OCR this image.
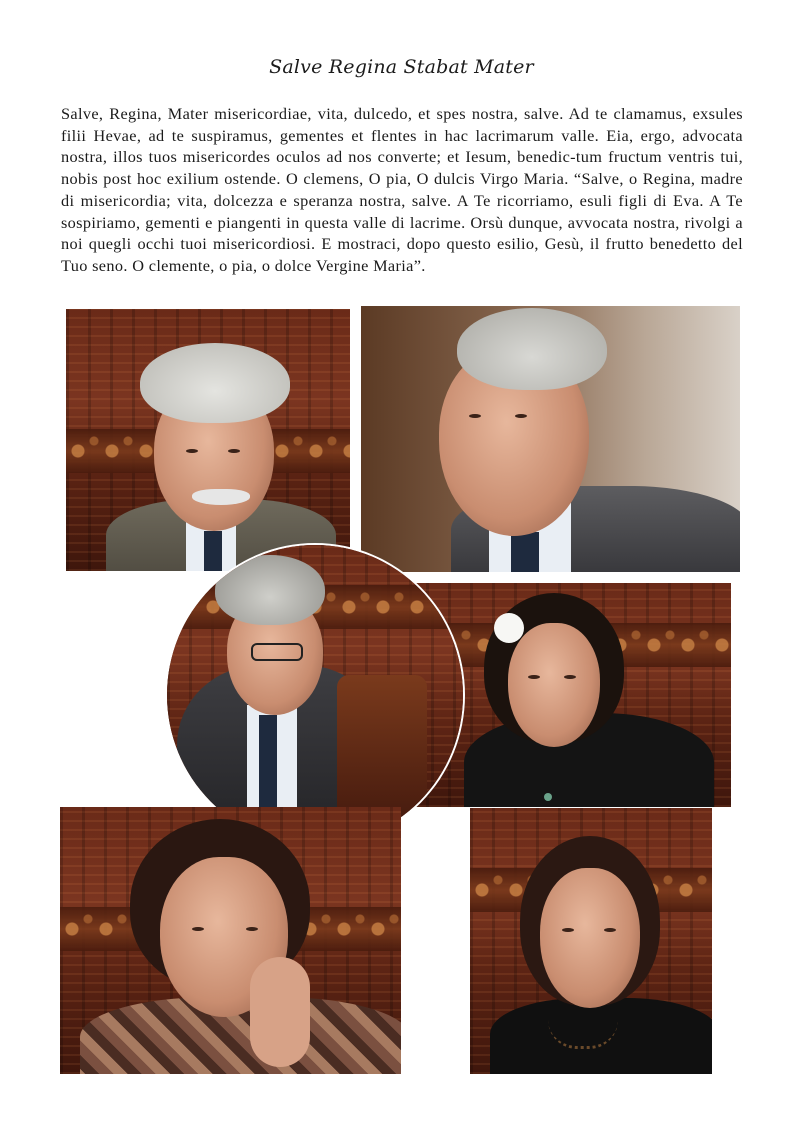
Salve Regina Stabat Mater

Salve, Regina, Mater misericordiae, vita, dulcedo, et spes nostra, salve. Ad te clamamus, exsules filii Hevae, ad te suspiramus, gementes et flentes in hac lacrimarum valle. Eia, ergo, advocata nostra, illos tuos misericordes oculos ad nos converte; et Iesum, benedic-tum fructum ventris tui, nobis post hoc exilium ostende. O clemens, O pia, O dulcis Virgo Maria. “Salve, o Regina, madre di misericordia; vita, dolcezza e speranza nostra, salve. A Te ricorriamo, esuli figli di Eva. A Te sospiriamo, gementi e piangenti in questa valle di lacrime. Orsù dunque, avvocata nostra, rivolgi a noi quegli occhi tuoi misericordiosi. E mostraci, dopo questo esilio, Gesù, il frutto benedetto del Tuo seno. O clemente, o pia, o dolce Vergine Maria”.
